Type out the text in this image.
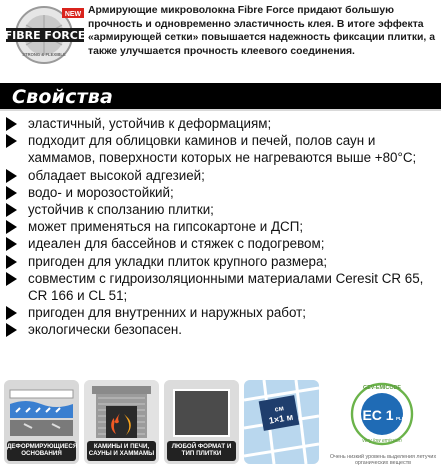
FIBRE FORCE
NEW
STRONG & FLEXIBLE
Армирующие микроволокна Fibre Force придают большую прочность и одновременно эластичность клея. В итоге эффекта «армирующей сетки» повышается надежность фиксации плитки, а также улучшается прочность клеевого соединения.
Свойства
эластичный, устойчив к деформациям;
подходит для облицовки каминов и печей, полов саун и хаммамов, поверхности которых не нагреваются выше +80°С;
обладает высокой адгезией;
водо- и морозостойкий;
устойчив к сползанию плитки;
может применяться на гипсокартоне и ДСП;
идеален для бассейнов и стяжек с подогревом;
пригоден для укладки плиток крупного размера;
совместим с гидроизоляционными материалами Ceresit CR 65, CR 166 и CL 51;
пригоден для внутренних и наружных работ;
экологически безопасен.
ДЕФОРМИРУЮЩИЕСЯ ОСНОВАНИЯ
КАМИНЫ И ПЕЧИ, САУНЫ И ХАММАМЫ
ЛЮБОЙ ФОРМАТ И ТИП ПЛИТКИ
см
1×1 м	EC 1 PLUS
GEV-EMICODE
very low emission
Очень низкий уровень выделения летучих органических веществ
